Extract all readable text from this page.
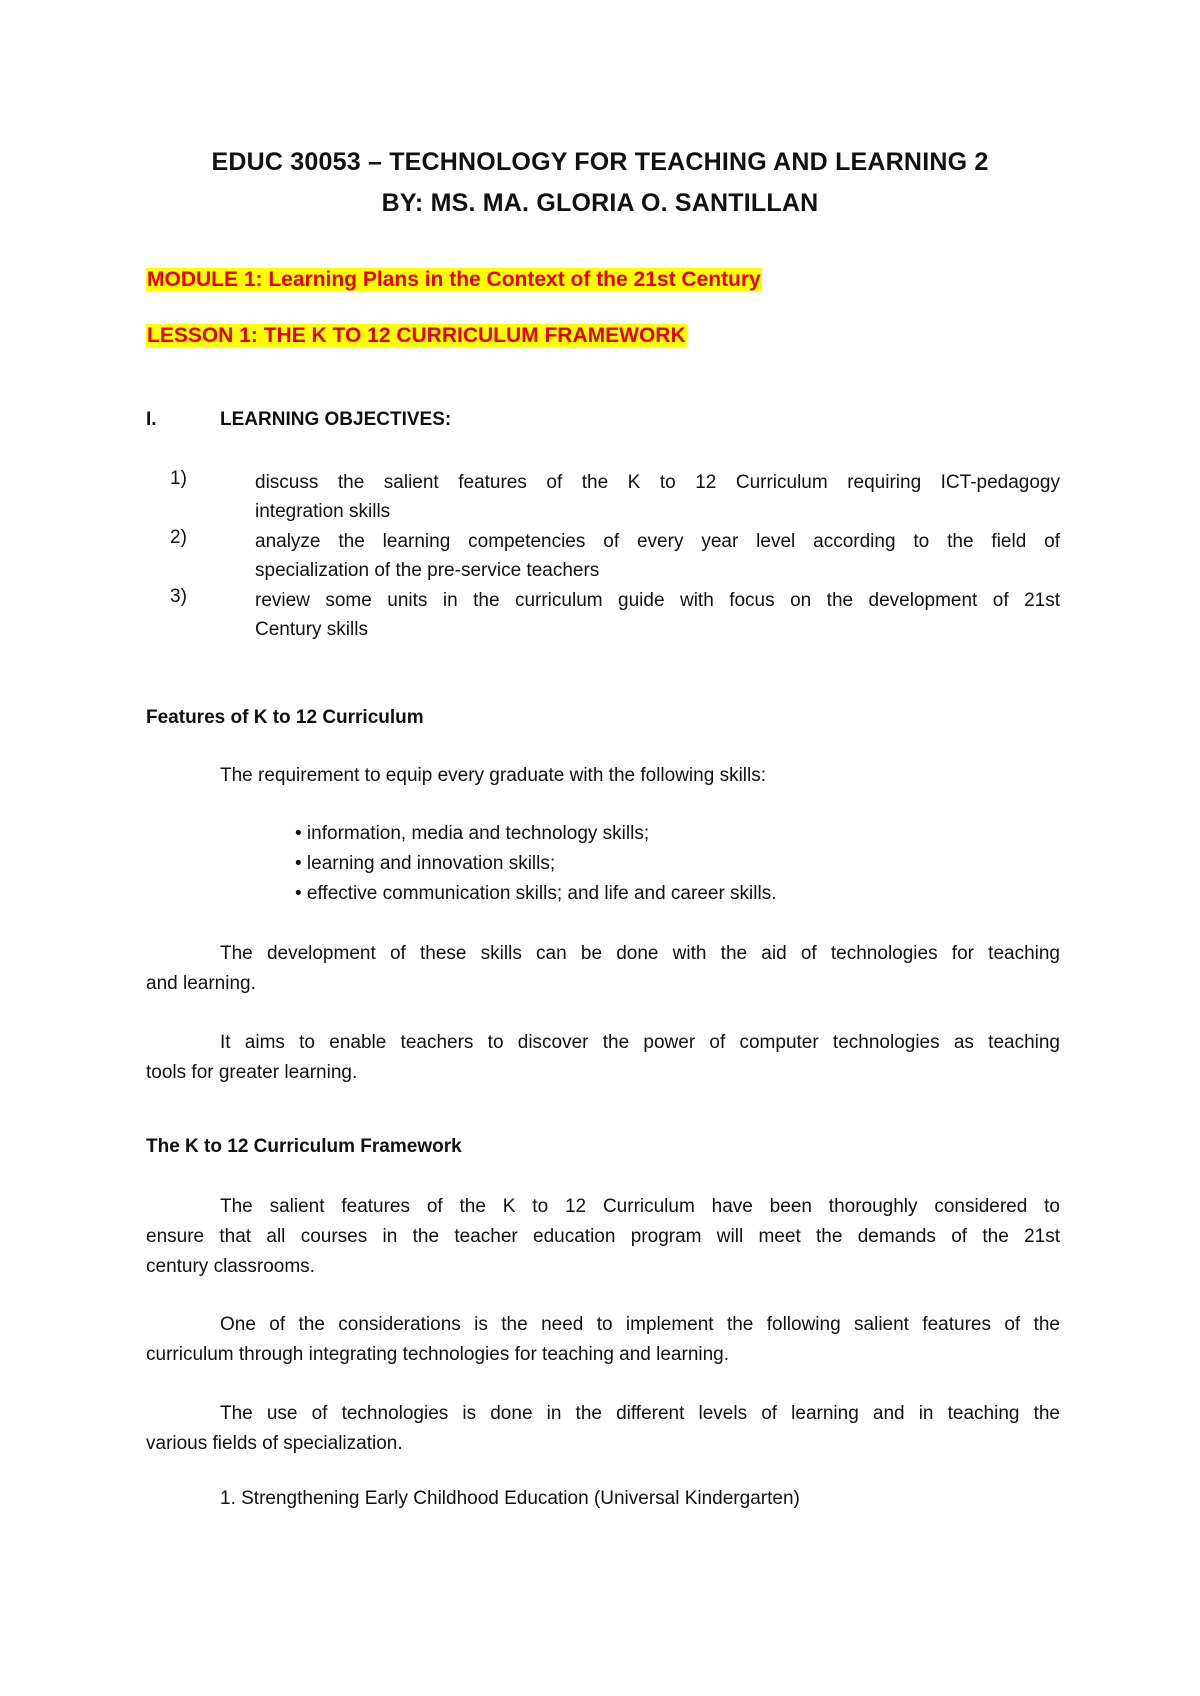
EDUC 30053 – TECHNOLOGY FOR TEACHING AND LEARNING 2
BY: MS. MA. GLORIA O. SANTILLAN
MODULE 1: Learning Plans in the Context of the 21st Century
LESSON 1: THE K TO 12 CURRICULUM FRAMEWORK
I.	LEARNING OBJECTIVES:
1)	discuss the salient features of the K to 12 Curriculum requiring ICT-pedagogy
integration skills
2)	analyze the learning competencies of every year level according to the field of
specialization of the pre-service teachers
3)	review some units in the curriculum guide with focus on the development of 21st
Century skills
Features of K to 12 Curriculum
The requirement to equip every graduate with the following skills:
• information, media and technology skills;
• learning and innovation skills;
• effective communication skills; and life and career skills.
The development of these skills can be done with the aid of technologies for teaching
and learning.
It aims to enable teachers to discover the power of computer technologies as teaching
tools for greater learning.
The K to 12 Curriculum Framework
The salient features of the K to 12 Curriculum have been thoroughly considered to
ensure that all courses in the teacher education program will meet the demands of the 21st
century classrooms.
One of the considerations is the need to implement the following salient features of the
curriculum through integrating technologies for teaching and learning.
The use of technologies is done in the different levels of learning and in teaching the
various fields of specialization.
1. Strengthening Early Childhood Education (Universal Kindergarten)
